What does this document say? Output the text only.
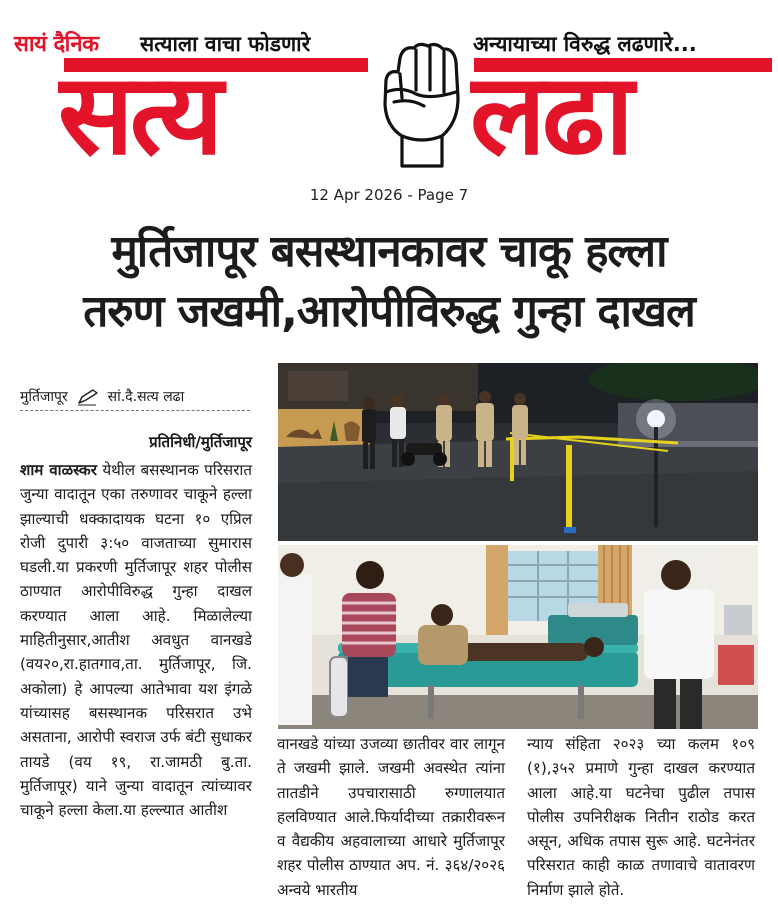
सायं दैनिक सत्याला वाचा फोडणारे	अन्यायाच्या विरुद्ध लढणारे...
सत्य	लढा
12 Apr 2026 - Page 7
मुर्तिजापूर बसस्थानकावर चाकू हल्ला
तरुण जखमी,आरोपीविरुद्ध गुन्हा दाखल
मुर्तिजापूर	सां.दै.सत्य लढा
प्रतिनिधी/मुर्तिजापूर
शाम वाळस्कर येथील बसस्थानक परिसरात जुन्या वादातून एका तरुणावर चाकूने हल्ला झाल्याची धक्कादायक घटना १० एप्रिल रोजी दुपारी ३:५० वाजताच्या सुमारास घडली.या प्रकरणी मुर्तिजापूर शहर पोलीस ठाण्यात आरोपीविरुद्ध गुन्हा दाखल करण्यात आला आहे. मिळालेल्या माहितीनुसार,आतीश अवधुत वानखडे (वय२०,रा.हातगाव,ता. मुर्तिजापूर, जि. अकोला) हे आपल्या आतेभावा यश इंगळे यांच्यासह बसस्थानक परिसरात उभे असताना, आरोपी स्वराज उर्फ बंटी सुधाकर तायडे (वय १९, रा.जामठी बु.ता. मुर्तिजापूर) याने जुन्या वादातून त्यांच्यावर चाकूने हल्ला केला.या हल्ल्यात आतीश
वानखडे यांच्या उजव्या छातीवर वार लागून ते जखमी झाले. जखमी अवस्थेत त्यांना तातडीने उपचारासाठी रुग्णालयात हलविण्यात आले.फिर्यादीच्या तक्रारीवरून व वैद्यकीय अहवालाच्या आधारे मुर्तिजापूर शहर पोलीस ठाण्यात अप. नं. ३६४/२०२६ अन्वये भारतीय
न्याय संहिता २०२३ च्या कलम १०९ (१),३५२ प्रमाणे गुन्हा दाखल करण्यात आला आहे.या घटनेचा पुढील तपास पोलीस उपनिरीक्षक नितीन राठोड करत असून, अधिक तपास सुरू आहे. घटनेनंतर परिसरात काही काळ तणावाचे वातावरण निर्माण झाले होते.
